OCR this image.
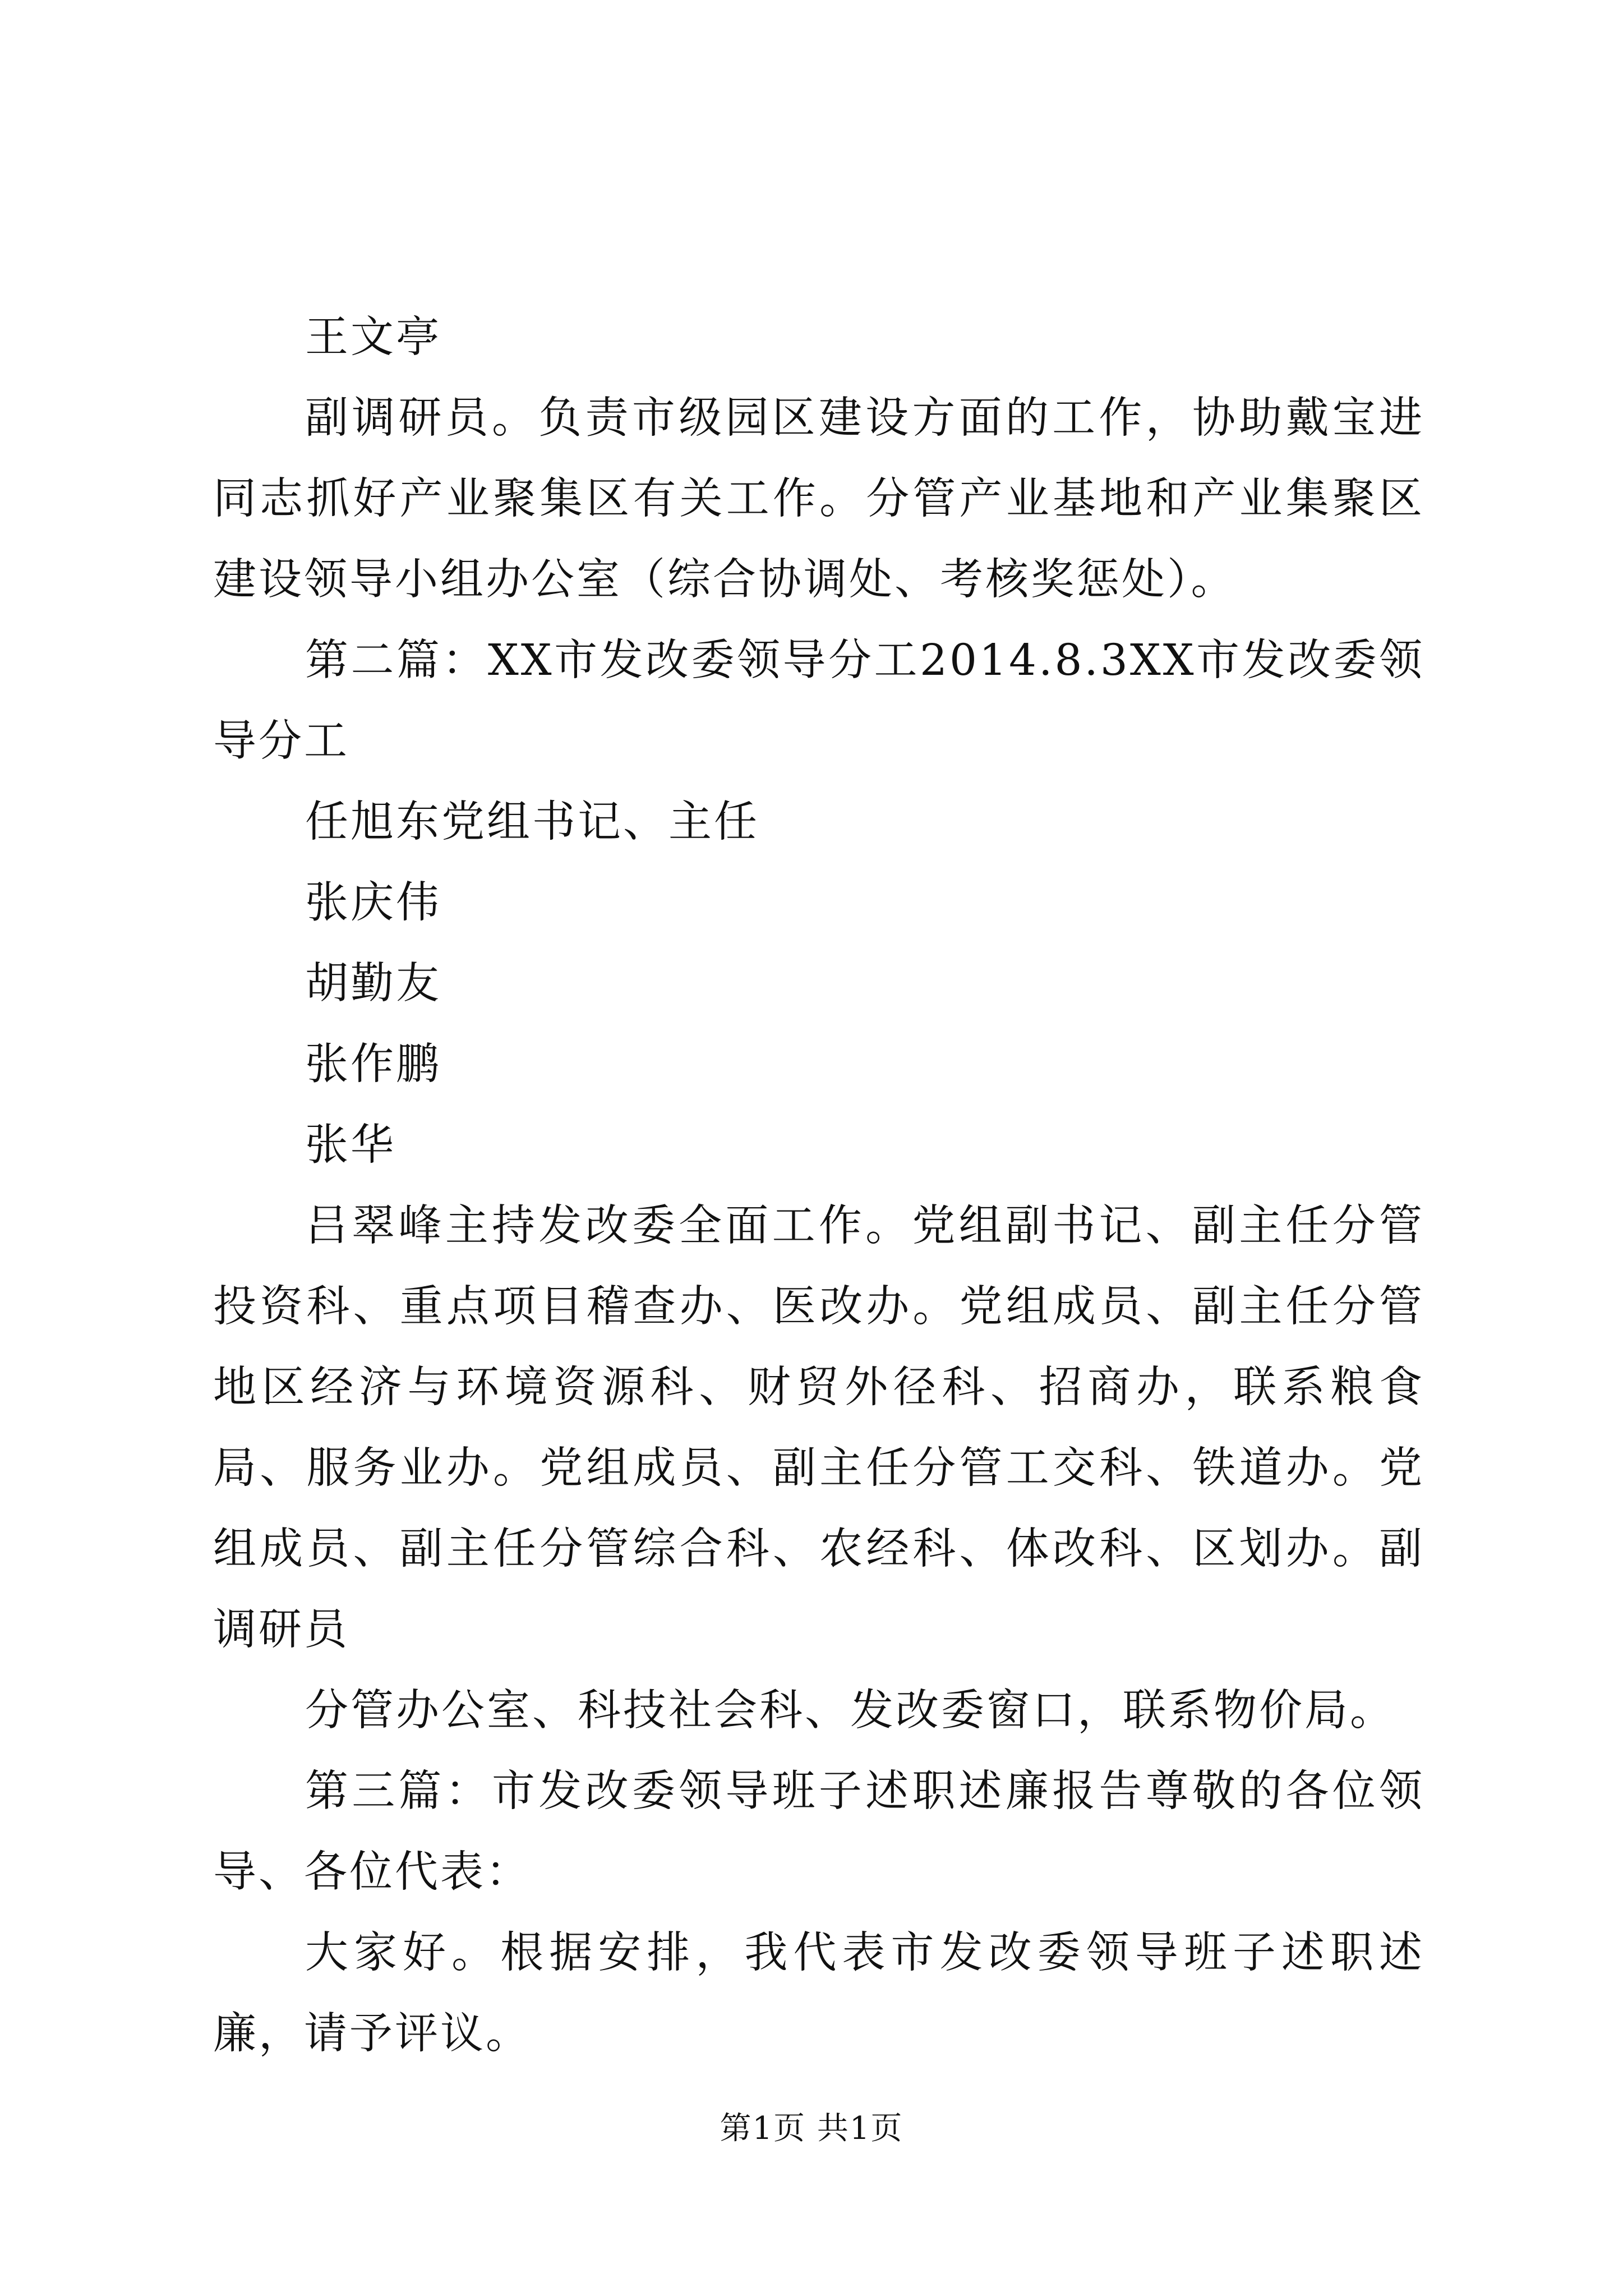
王文亭

副调研员。负责市级园区建设方面的工作，协助戴宝进同志抓好产业聚集区有关工作。分管产业基地和产业集聚区建设领导小组办公室（综合协调处、考核奖惩处）。

第二篇：XX市发改委领导分工2014.8.3XX市发改委领导分工

任旭东党组书记、主任

张庆伟

胡勤友

张作鹏

张华

吕翠峰主持发改委全面工作。党组副书记、副主任分管投资科、重点项目稽查办、医改办。党组成员、副主任分管地区经济与环境资源科、财贸外径科、招商办，联系粮食局、服务业办。党组成员、副主任分管工交科、铁道办。党组成员、副主任分管综合科、农经科、体改科、区划办。副调研员

分管办公室、科技社会科、发改委窗口，联系物价局。

第三篇：市发改委领导班子述职述廉报告尊敬的各位领导、各位代表：

大家好。根据安排，我代表市发改委领导班子述职述廉，请予评议。

第1页 共1页
